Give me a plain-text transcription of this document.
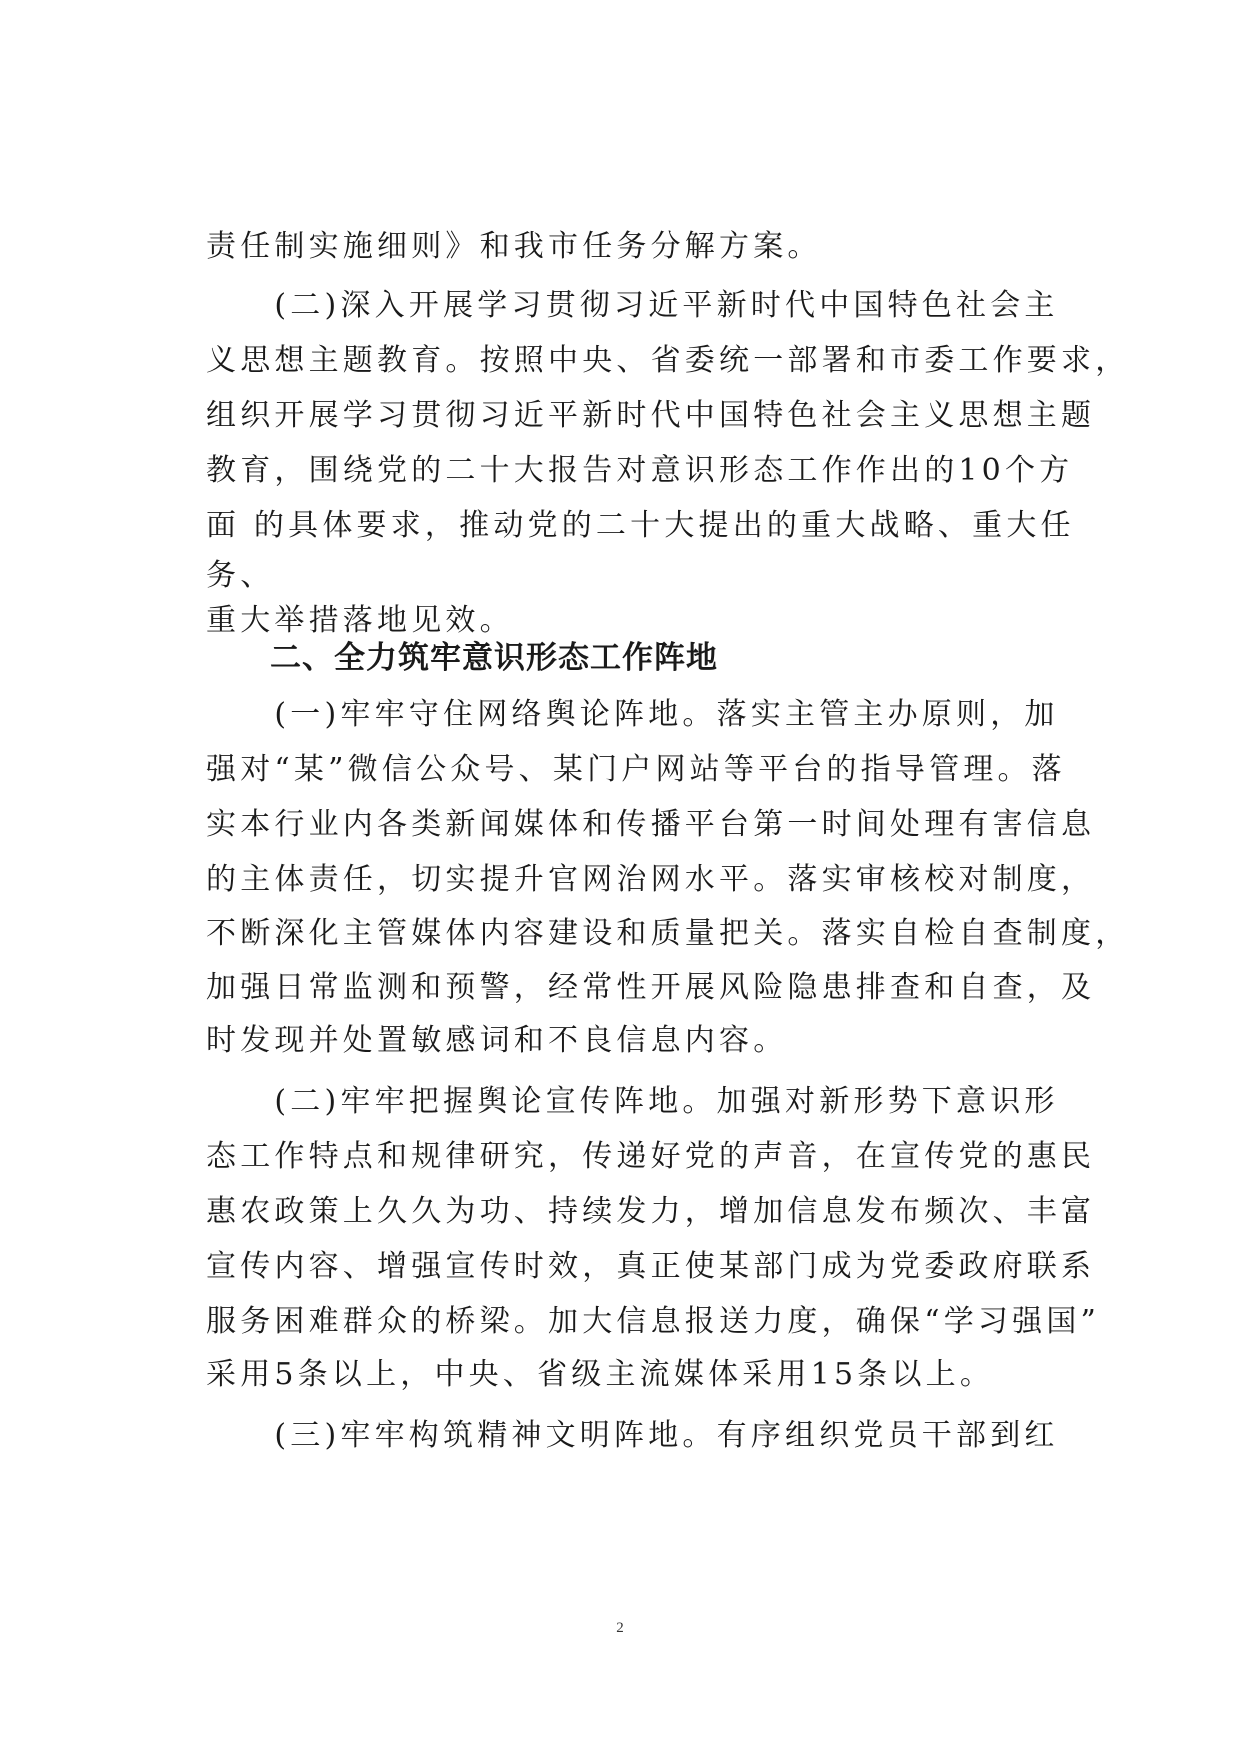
责任制实施细则》和我市任务分解方案。
　　(二)深入开展学习贯彻习近平新时代中国特色社会主
义思想主题教育。按照中央、省委统一部署和市委工作要求，
组织开展学习贯彻习近平新时代中国特色社会主义思想主题
教育，围绕党的二十大报告对意识形态工作作出的10个方
面 的具体要求，推动党的二十大提出的重大战略、重大任
务、
重大举措落地见效。
二、全力筑牢意识形态工作阵地
　　(一)牢牢守住网络舆论阵地。落实主管主办原则，加
强对“某”微信公众号、某门户网站等平台的指导管理。落
实本行业内各类新闻媒体和传播平台第一时间处理有害信息
的主体责任，切实提升官网治网水平。落实审核校对制度，
不断深化主管媒体内容建设和质量把关。落实自检自查制度，
加强日常监测和预警，经常性开展风险隐患排查和自查，及
时发现并处置敏感词和不良信息内容。
　　(二)牢牢把握舆论宣传阵地。加强对新形势下意识形
态工作特点和规律研究，传递好党的声音，在宣传党的惠民
惠农政策上久久为功、持续发力，增加信息发布频次、丰富
宣传内容、增强宣传时效，真正使某部门成为党委政府联系
服务困难群众的桥梁。加大信息报送力度，确保“学习强国”
采用5条以上，中央、省级主流媒体采用15条以上。
　　(三)牢牢构筑精神文明阵地。有序组织党员干部到红
2
